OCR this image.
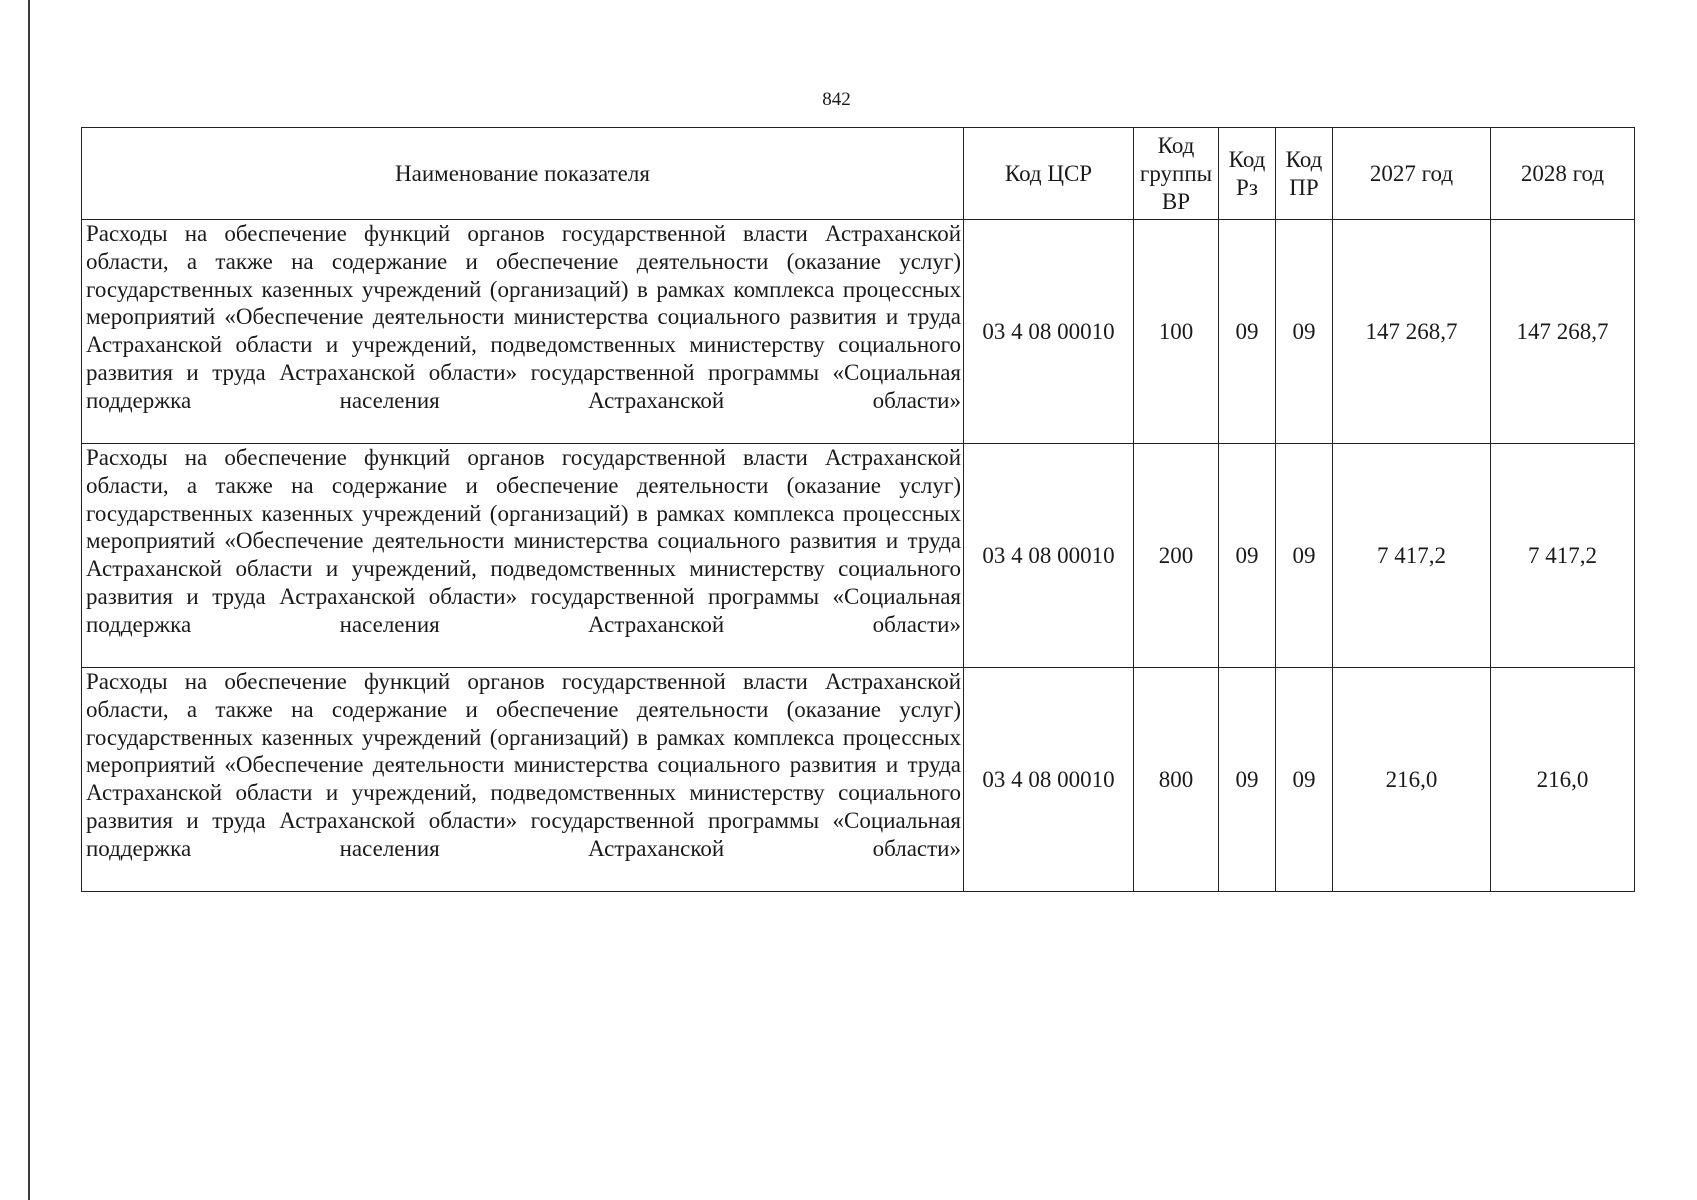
842
Наименование показателя	Код ЦСР	Код группы ВР	Код Рз	Код ПР	2027 год	2028 год
Расходы на обеспечение функций органов государственной власти Астраханской области, а также на содержание и обеспечение деятельности (оказание услуг) государственных казенных учреждений (организаций) в рамках комплекса процессных мероприятий «Обеспечение деятельности министерства социального развития и труда Астраханской области и учреждений, подведомственных министерству социального развития и труда Астраханской области» государственной программы «Социальная поддержка населения Астраханской области»	03 4 08 00010	100	09	09	147 268,7	147 268,7
Расходы на обеспечение функций органов государственной власти Астраханской области, а также на содержание и обеспечение деятельности (оказание услуг) государственных казенных учреждений (организаций) в рамках комплекса процессных мероприятий «Обеспечение деятельности министерства социального развития и труда Астраханской области и учреждений, подведомственных министерству социального развития и труда Астраханской области» государственной программы «Социальная поддержка населения Астраханской области»	03 4 08 00010	200	09	09	7 417,2	7 417,2
Расходы на обеспечение функций органов государственной власти Астраханской области, а также на содержание и обеспечение деятельности (оказание услуг) государственных казенных учреждений (организаций) в рамках комплекса процессных мероприятий «Обеспечение деятельности министерства социального развития и труда Астраханской области и учреждений, подведомственных министерству социального развития и труда Астраханской области» государственной программы «Социальная поддержка населения Астраханской области»	03 4 08 00010	800	09	09	216,0	216,0
